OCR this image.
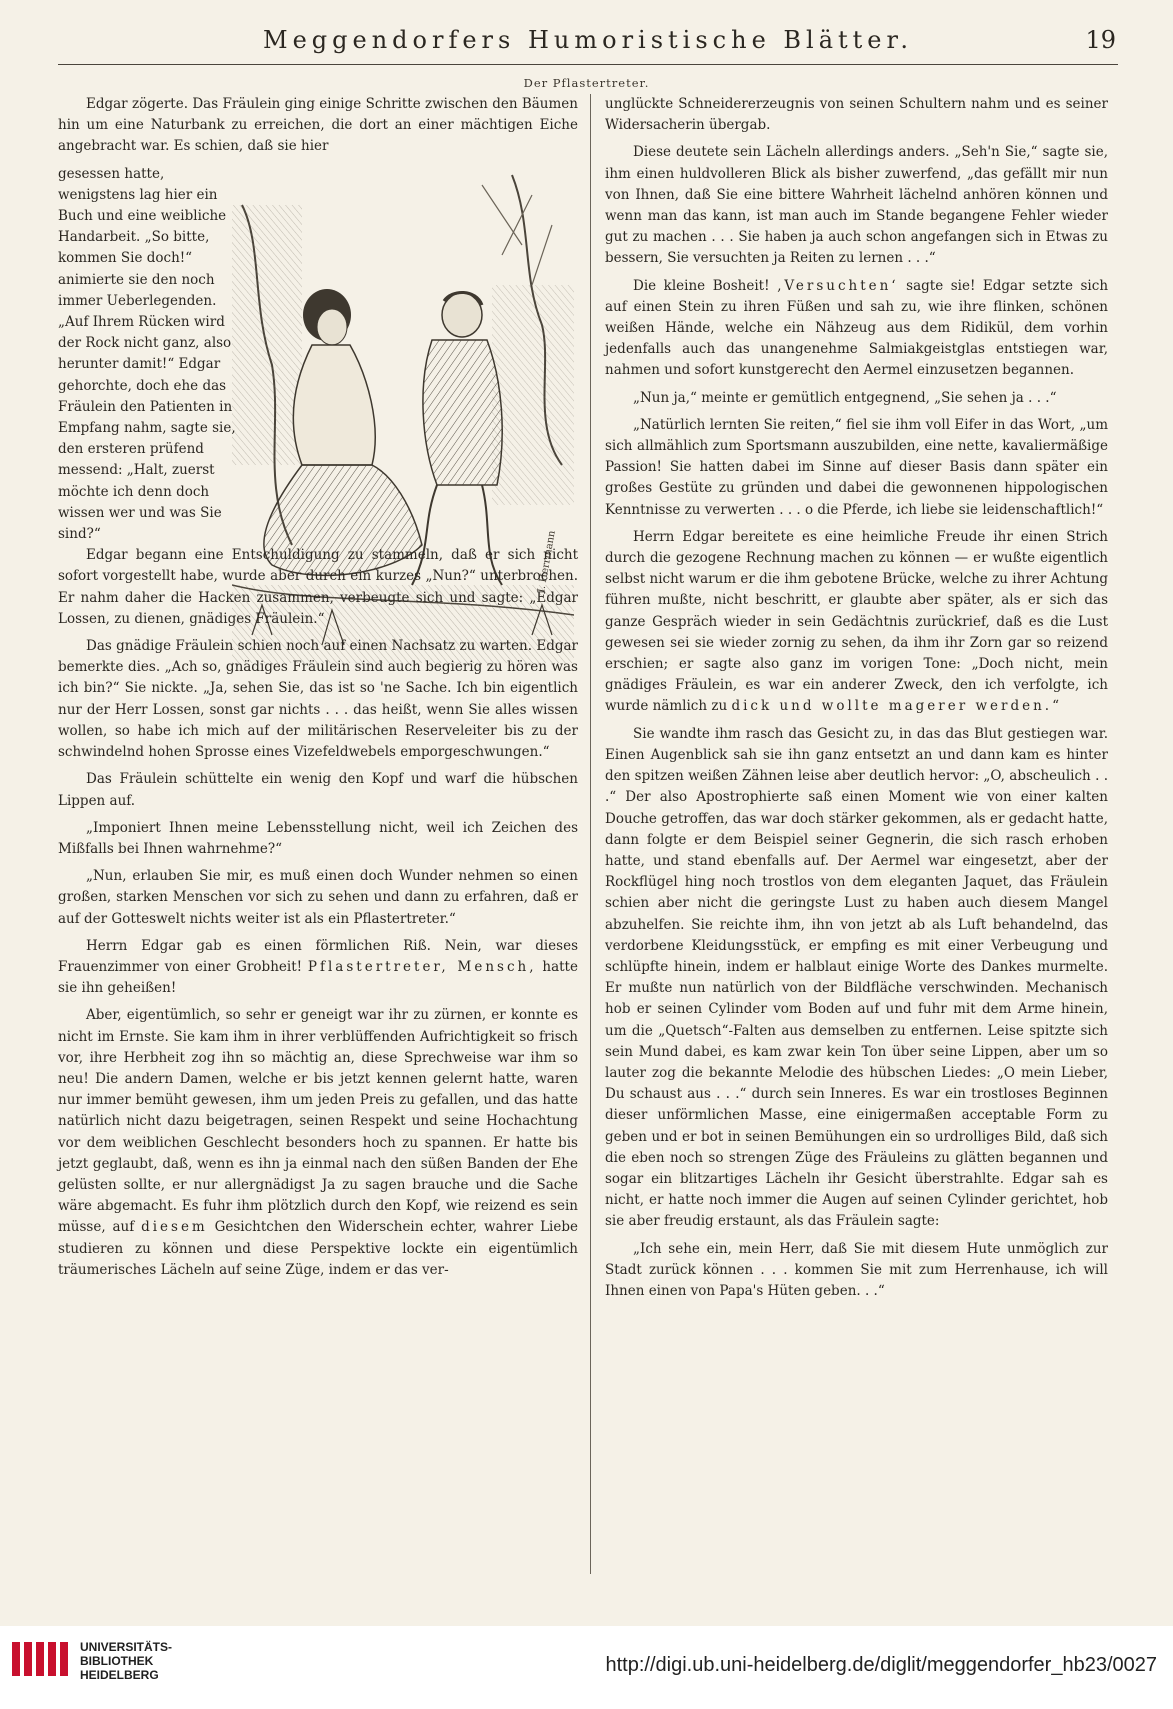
Meggendorfers Humoristische Blätter.	19
Der Pflastertreter.
I. Herrmann

Edgar zögerte. Das Fräulein ging einige Schritte zwischen den Bäumen hin um eine Naturbank zu erreichen, die dort an einer mächtigen Eiche angebracht war. Es schien, daß sie hier

gesessen hatte, wenigstens lag hier ein Buch und eine weibliche Handarbeit. „So bitte, kommen Sie doch!“ animierte sie den noch immer Ueberlegenden. „Auf Ihrem Rücken wird der Rock nicht ganz, also herunter damit!“ Edgar gehorchte, doch ehe das Fräulein den Patienten in Empfang nahm, sagte sie, den ersteren prüfend messend: „Halt, zuerst möchte ich denn doch wissen wer und was Sie sind?“

Edgar begann eine Entschuldigung zu stammeln, daß er sich nicht sofort vorgestellt habe, wurde aber durch ein kurzes „Nun?“ unterbrochen. Er nahm daher die Hacken zusammen, verbeugte sich und sagte: „Edgar Lossen, zu dienen, gnädiges Fräulein.“

Das gnädige Fräulein schien noch auf einen Nachsatz zu warten. Edgar bemerkte dies. „Ach so, gnädiges Fräulein sind auch begierig zu hören was ich bin?“ Sie nickte. „Ja, sehen Sie, das ist so 'ne Sache. Ich bin eigentlich nur der Herr Lossen, sonst gar nichts . . . das heißt, wenn Sie alles wissen wollen, so habe ich mich auf der militärischen Reserveleiter bis zu der schwindelnd hohen Sprosse eines Vizefeldwebels emporgeschwungen.“

Das Fräulein schüttelte ein wenig den Kopf und warf die hübschen Lippen auf.

„Imponiert Ihnen meine Lebensstellung nicht, weil ich Zeichen des Mißfalls bei Ihnen wahrnehme?“

„Nun, erlauben Sie mir, es muß einen doch Wunder nehmen so einen großen, starken Menschen vor sich zu sehen und dann zu erfahren, daß er auf der Gotteswelt nichts weiter ist als ein Pflastertreter.“

Herrn Edgar gab es einen förmlichen Riß. Nein, war dieses Frauenzimmer von einer Grobheit! Pflastertreter, Mensch, hatte sie ihn geheißen!

Aber, eigentümlich, so sehr er geneigt war ihr zu zürnen, er konnte es nicht im Ernste. Sie kam ihm in ihrer verblüffenden Aufrichtigkeit so frisch vor, ihre Herbheit zog ihn so mächtig an, diese Sprechweise war ihm so neu! Die andern Damen, welche er bis jetzt kennen gelernt hatte, waren nur immer bemüht gewesen, ihm um jeden Preis zu gefallen, und das hatte natürlich nicht dazu beigetragen, seinen Respekt und seine Hochachtung vor dem weiblichen Geschlecht besonders hoch zu spannen. Er hatte bis jetzt geglaubt, daß, wenn es ihn ja einmal nach den süßen Banden der Ehe gelüsten sollte, er nur allergnädigst Ja zu sagen brauche und die Sache wäre abgemacht. Es fuhr ihm plötzlich durch den Kopf, wie reizend es sein müsse, auf diesem Gesichtchen den Widerschein echter, wahrer Liebe studieren zu können und diese Perspektive lockte ein eigentümlich träumerisches Lächeln auf seine Züge, indem er das ver-

unglückte Schneidererzeugnis von seinen Schultern nahm und es seiner Widersacherin übergab.

Diese deutete sein Lächeln allerdings anders. „Seh'n Sie,“ sagte sie, ihm einen huldvolleren Blick als bisher zuwerfend, „das gefällt mir nun von Ihnen, daß Sie eine bittere Wahrheit lächelnd anhören können und wenn man das kann, ist man auch im Stande begangene Fehler wieder gut zu machen . . . Sie haben ja auch schon angefangen sich in Etwas zu bessern, Sie versuchten ja Reiten zu lernen . . .“

Die kleine Bosheit! ‚Versuchten‘ sagte sie! Edgar setzte sich auf einen Stein zu ihren Füßen und sah zu, wie ihre flinken, schönen weißen Hände, welche ein Nähzeug aus dem Ridikül, dem vorhin jedenfalls auch das unangenehme Salmiakgeistglas entstiegen war, nahmen und sofort kunstgerecht den Aermel einzusetzen begannen.

„Nun ja,“ meinte er gemütlich entgegnend, „Sie sehen ja . . .“

„Natürlich lernten Sie reiten,“ fiel sie ihm voll Eifer in das Wort, „um sich allmählich zum Sportsmann auszubilden, eine nette, kavaliermäßige Passion! Sie hatten dabei im Sinne auf dieser Basis dann später ein großes Gestüte zu gründen und dabei die gewonnenen hippologischen Kenntnisse zu verwerten . . . o die Pferde, ich liebe sie leidenschaftlich!“

Herrn Edgar bereitete es eine heimliche Freude ihr einen Strich durch die gezogene Rechnung machen zu können — er wußte eigentlich selbst nicht warum er die ihm gebotene Brücke, welche zu ihrer Achtung führen mußte, nicht beschritt, er glaubte aber später, als er sich das ganze Gespräch wieder in sein Gedächtnis zurückrief, daß es die Lust gewesen sei sie wieder zornig zu sehen, da ihm ihr Zorn gar so reizend erschien; er sagte also ganz im vorigen Tone: „Doch nicht, mein gnädiges Fräulein, es war ein anderer Zweck, den ich verfolgte, ich wurde nämlich zu dick und wollte magerer werden.“

Sie wandte ihm rasch das Gesicht zu, in das das Blut gestiegen war. Einen Augenblick sah sie ihn ganz entsetzt an und dann kam es hinter den spitzen weißen Zähnen leise aber deutlich hervor: „O, abscheulich . . .“ Der also Apostrophierte saß einen Moment wie von einer kalten Douche getroffen, das war doch stärker gekommen, als er gedacht hatte, dann folgte er dem Beispiel seiner Gegnerin, die sich rasch erhoben hatte, und stand ebenfalls auf. Der Aermel war eingesetzt, aber der Rockflügel hing noch trostlos von dem eleganten Jaquet, das Fräulein schien aber nicht die geringste Lust zu haben auch diesem Mangel abzuhelfen. Sie reichte ihm, ihn von jetzt ab als Luft behandelnd, das verdorbene Kleidungsstück, er empfing es mit einer Verbeugung und schlüpfte hinein, indem er halblaut einige Worte des Dankes murmelte. Er mußte nun natürlich von der Bildfläche verschwinden. Mechanisch hob er seinen Cylinder vom Boden auf und fuhr mit dem Arme hinein, um die „Quetsch“-Falten aus demselben zu entfernen. Leise spitzte sich sein Mund dabei, es kam zwar kein Ton über seine Lippen, aber um so lauter zog die bekannte Melodie des hübschen Liedes: „O mein Lieber, Du schaust aus . . .“ durch sein Inneres. Es war ein trostloses Beginnen dieser unförmlichen Masse, eine einigermaßen acceptable Form zu geben und er bot in seinen Bemühungen ein so urdrolliges Bild, daß sich die eben noch so strengen Züge des Fräuleins zu glätten begannen und sogar ein blitzartiges Lächeln ihr Gesicht überstrahlte. Edgar sah es nicht, er hatte noch immer die Augen auf seinen Cylinder gerichtet, hob sie aber freudig erstaunt, als das Fräulein sagte:

„Ich sehe ein, mein Herr, daß Sie mit diesem Hute unmöglich zur Stadt zurück können . . . kommen Sie mit zum Herrenhause, ich will Ihnen einen von Papa's Hüten geben. . .“

UNIVERSITÄTS-
BIBLIOTHEK
HEIDELBERG	http://digi.ub.uni-heidelberg.de/diglit/meggendorfer_hb23/0027
